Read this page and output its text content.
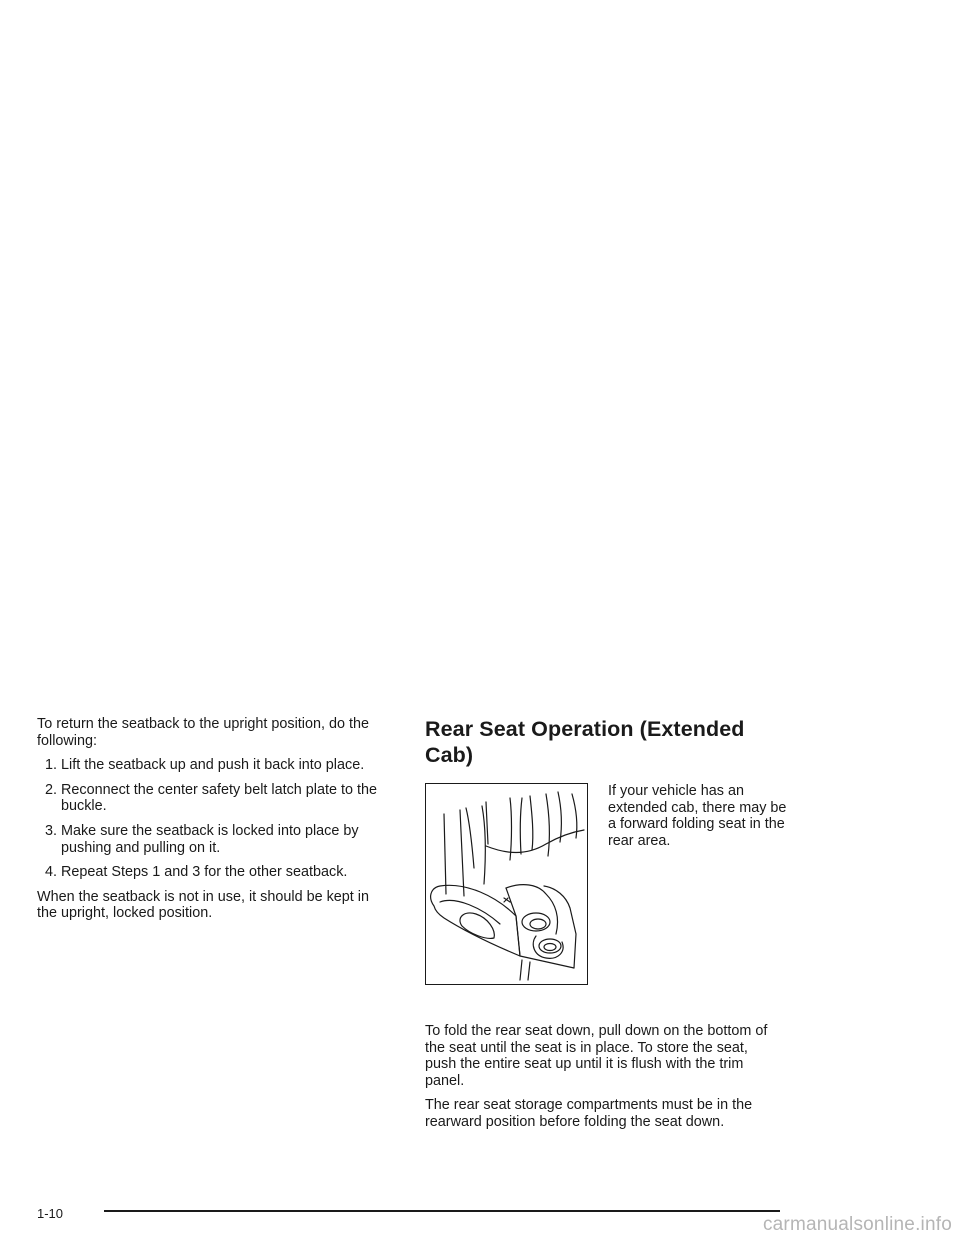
To return the seatback to the upright position, do the following:

1. Lift the seatback up and push it back into place.
2. Reconnect the center safety belt latch plate to the buckle.
3. Make sure the seatback is locked into place by pushing and pulling on it.
4. Repeat Steps 1 and 3 for the other seatback.

When the seatback is not in use, it should be kept in the upright, locked position.

Rear Seat Operation (Extended Cab)
If your vehicle has an extended cab, there may be a forward folding seat in the rear area.

To fold the rear seat down, pull down on the bottom of the seat until the seat is in place. To store the seat, push the entire seat up until it is flush with the trim panel.

The rear seat storage compartments must be in the rearward position before folding the seat down.

1-10
carmanualsonline.info
